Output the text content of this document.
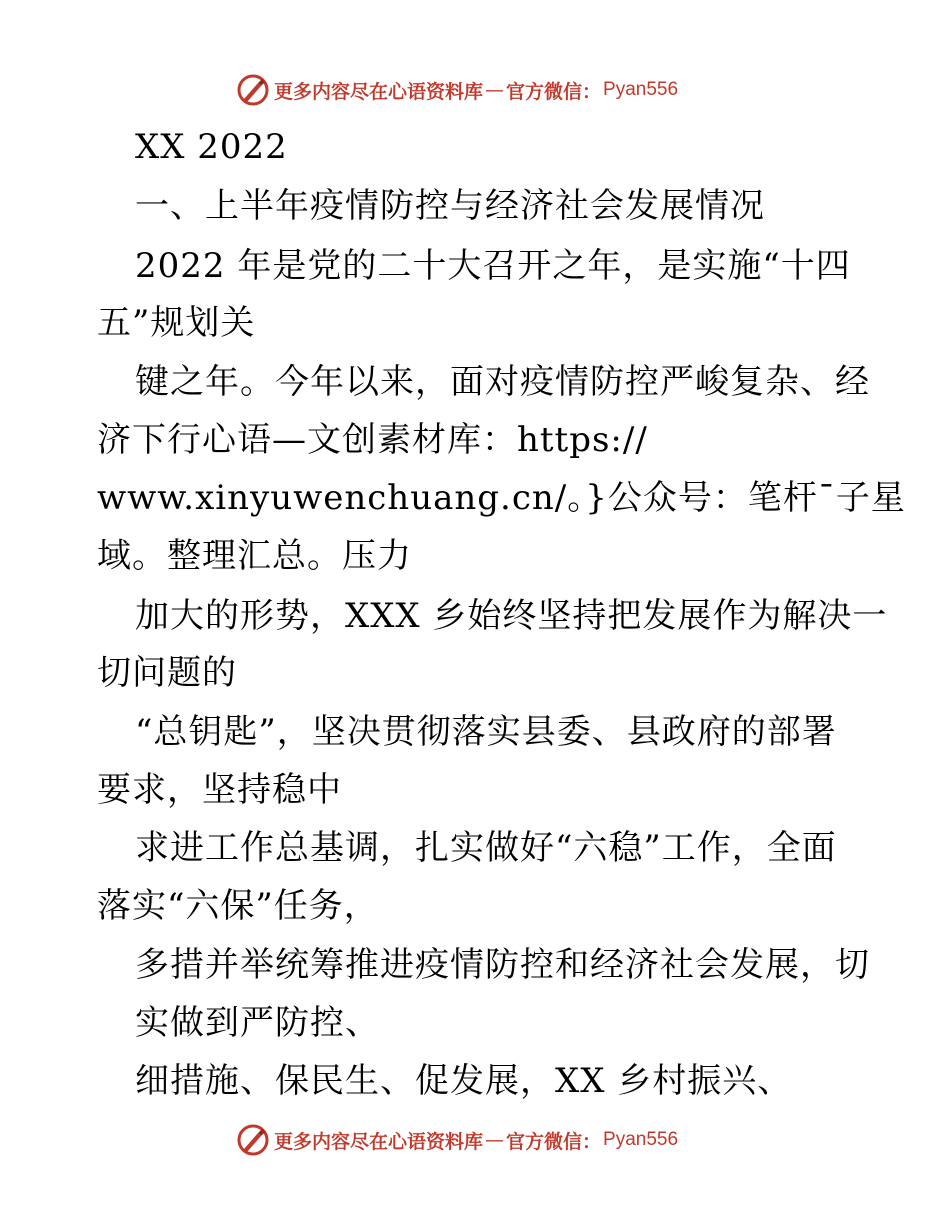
更多内容尽在心语资料库 — 官方微信： Pyan556
XX 2022
一、上半年疫情防控与经济社会发展情况
2022 年是党的二十大召开之年，是实施“十四
五”规划关
键之年。今年以来，面对疫情防控严峻复杂、经
济下行心语—文创素材库：https://
www.xinyuwenchuang.cn/。}公众号：笔杆¯子星
域。整理汇总。压力
加大的形势，XXX 乡始终坚持把发展作为解决一
切问题的
“总钥匙”，坚决贯彻落实县委、县政府的部署
要求，坚持稳中
求进工作总基调，扎实做好“六稳”工作，全面
落实“六保”任务，
多措并举统筹推进疫情防控和经济社会发展，切
实做到严防控、
细措施、保民生、促发展，XX 乡村振兴、
更多内容尽在心语资料库 — 官方微信： Pyan556
